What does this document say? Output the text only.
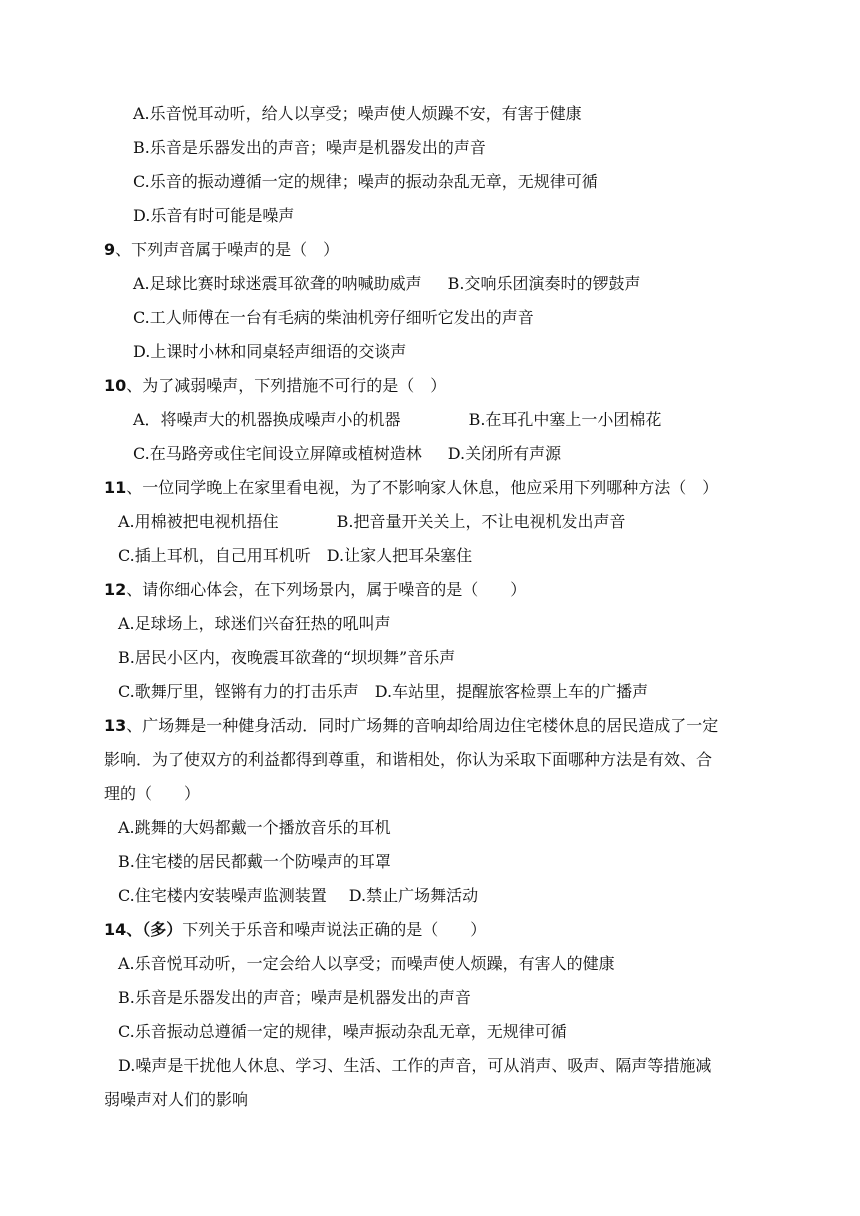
A.乐音悦耳动听，给人以享受；噪声使人烦躁不安，有害于健康
B.乐音是乐器发出的声音；噪声是机器发出的声音
C.乐音的振动遵循一定的规律；噪声的振动杂乱无章，无规律可循
D.乐音有时可能是噪声
9、下列声音属于噪声的是（　）
A.足球比赛时球迷震耳欲聋的呐喊助威声 B.交响乐团演奏时的锣鼓声
C.工人师傅在一台有毛病的柴油机旁仔细听它发出的声音
D.上课时小林和同桌轻声细语的交谈声
10、为了减弱噪声，下列措施不可行的是（　）
A．将噪声大的机器换成噪声小的机器	B.在耳孔中塞上一小团棉花
C.在马路旁或住宅间设立屏障或植树造林 D.关闭所有声源
11、一位同学晚上在家里看电视，为了不影响家人休息，他应采用下列哪种方法（　）
A.用棉被把电视机捂住	B.把音量开关关上，不让电视机发出声音
C.插上耳机，自己用耳机听 D.让家人把耳朵塞住
12、请你细心体会，在下列场景内，属于噪音的是（　　）
A.足球场上，球迷们兴奋狂热的吼叫声
B.居民小区内，夜晚震耳欲聋的“坝坝舞”音乐声
C.歌舞厅里，铿锵有力的打击乐声 D.车站里，提醒旅客检票上车的广播声
13、广场舞是一种健身活动．同时广场舞的音响却给周边住宅楼休息的居民造成了一定
影响．为了使双方的利益都得到尊重，和谐相处，你认为采取下面哪种方法是有效、合
理的（　　）
A.跳舞的大妈都戴一个播放音乐的耳机
B.住宅楼的居民都戴一个防噪声的耳罩
C.住宅楼内安装噪声监测装置 D.禁止广场舞活动
14、（多）下列关于乐音和噪声说法正确的是（　　）
A.乐音悦耳动听，一定会给人以享受；而噪声使人烦躁，有害人的健康
B.乐音是乐器发出的声音；噪声是机器发出的声音
C.乐音振动总遵循一定的规律，噪声振动杂乱无章，无规律可循
D.噪声是干扰他人休息、学习、生活、工作的声音，可从消声、吸声、隔声等措施减
弱噪声对人们的影响
